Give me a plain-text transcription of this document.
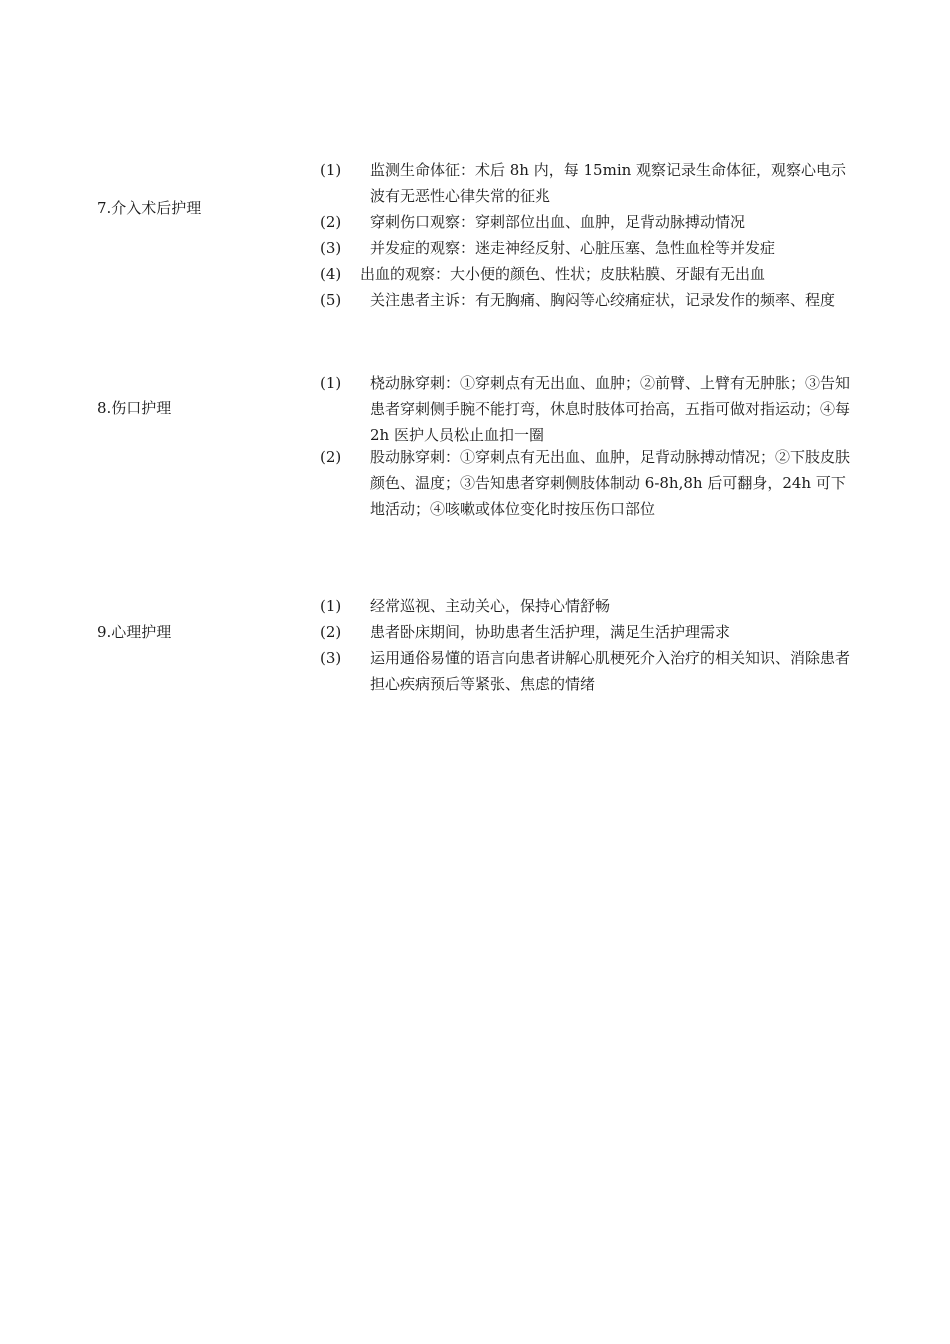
7.介入术后护理
(1) 监测生命体征：术后 8h 内，每 15min 观察记录生命体征，观察心电示波有无恶性心律失常的征兆
(2) 穿刺伤口观察：穿刺部位出血、血肿，足背动脉搏动情况
(3) 并发症的观察：迷走神经反射、心脏压塞、急性血栓等并发症
(4) 出血的观察：大小便的颜色、性状；皮肤粘膜、牙龈有无出血
(5) 关注患者主诉：有无胸痛、胸闷等心绞痛症状，记录发作的频率、程度
8.伤口护理
(1) 桡动脉穿刺：①穿刺点有无出血、血肿；②前臂、上臂有无肿胀；③告知患者穿刺侧手腕不能打弯，休息时肢体可抬高，五指可做对指运动；④每 2h 医护人员松止血扣一圈
(2) 股动脉穿刺：①穿刺点有无出血、血肿，足背动脉搏动情况；②下肢皮肤颜色、温度；③告知患者穿刺侧肢体制动 6-8h,8h 后可翻身，24h 可下地活动；④咳嗽或体位变化时按压伤口部位
9.心理护理
(1) 经常巡视、主动关心，保持心情舒畅
(2) 患者卧床期间，协助患者生活护理，满足生活护理需求
(3) 运用通俗易懂的语言向患者讲解心肌梗死介入治疗的相关知识、消除患者担心疾病预后等紧张、焦虑的情绪
